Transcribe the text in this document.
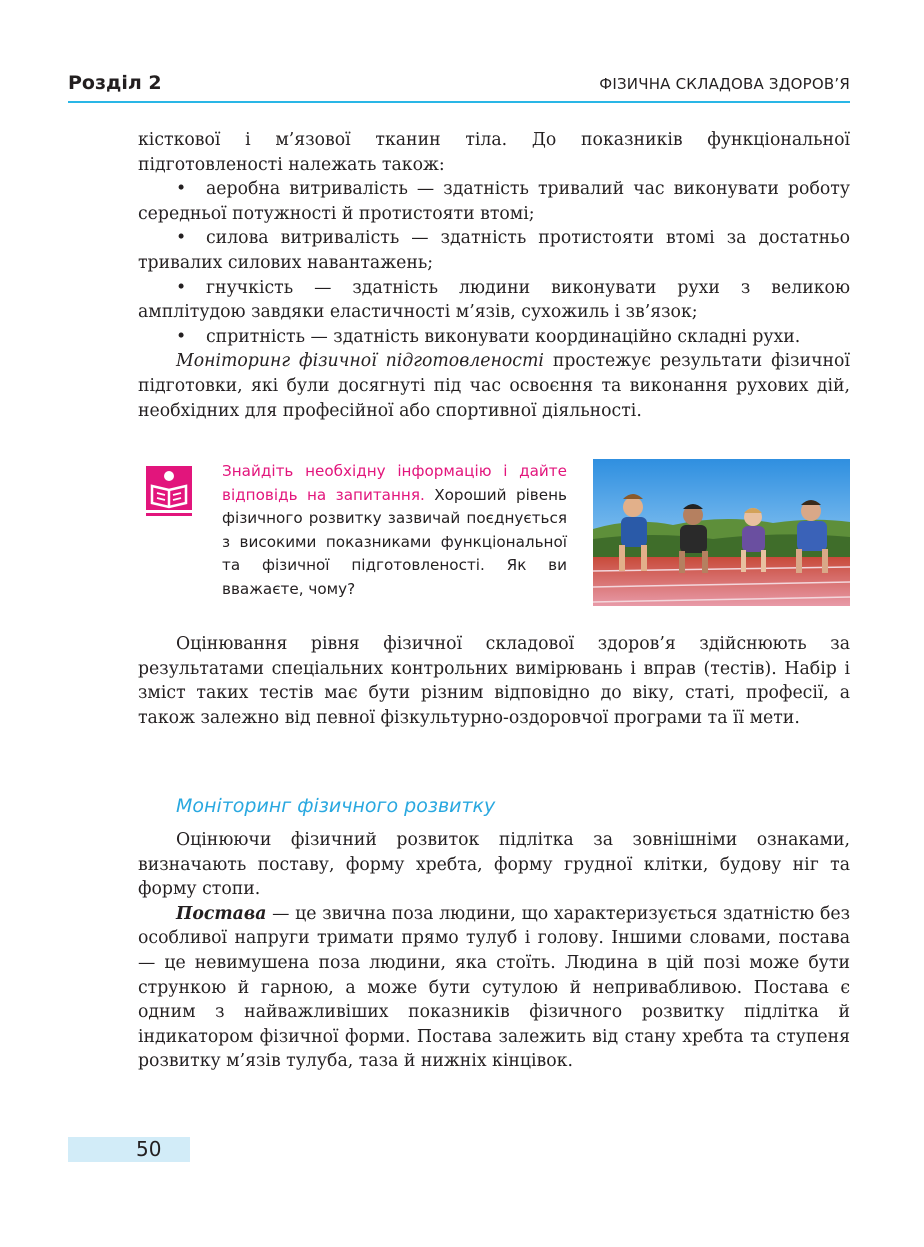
Розділ 2	ФІЗИЧНА СКЛАДОВА ЗДОРОВ’Я

кісткової і м’язової тканин тіла. До показників функціональної підготовленості належать також:

• аеробна витривалість — здатність тривалий час виконувати роботу середньої потужності й протистояти втомі;

• силова витривалість — здатність протистояти втомі за достатньо тривалих силових навантажень;

• гнучкість — здатність людини виконувати рухи з великою амплітудою завдяки еластичності м’язів, сухожиль і зв’язок;

• спритність — здатність виконувати координаційно складні рухи.

Моніторинг фізичної підготовленості простежує результати фізичної підготовки, які були досягнуті під час освоєння та виконання рухових дій, необхідних для професійної або спортивної діяльності.

Знайдіть необхідну інформацію і дайте відповідь на запитання. Хороший рівень фізичного розвитку зазвичай поєднується з високими показниками функціональної та фізичної підготовленості. Як ви вважаєте, чому?

Оцінювання рівня фізичної складової здоров’я здійснюють за результатами спеціальних контрольних вимірювань і вправ (тестів). Набір і зміст таких тестів має бути різним відповідно до віку, статі, професії, а також залежно від певної фізкультурно-оздоровчої програми та її мети.

Моніторинг фізичного розвитку

Оцінюючи фізичний розвиток підлітка за зовнішніми ознаками, визначають поставу, форму хребта, форму грудної клітки, будову ніг та форму стопи.

Постава — це звична поза людини, що характеризується здатністю без особливої напруги тримати прямо тулуб і голову. Іншими словами, постава — це невимушена поза людини, яка стоїть. Людина в цій позі може бути стрункою й гарною, а може бути сутулою й непривабливою. Постава є одним з найважливіших показників фізичного розвитку підлітка й індикатором фізичної форми. Постава залежить від стану хребта та ступеня розвитку м’язів тулуба, таза й нижніх кінцівок.

50
